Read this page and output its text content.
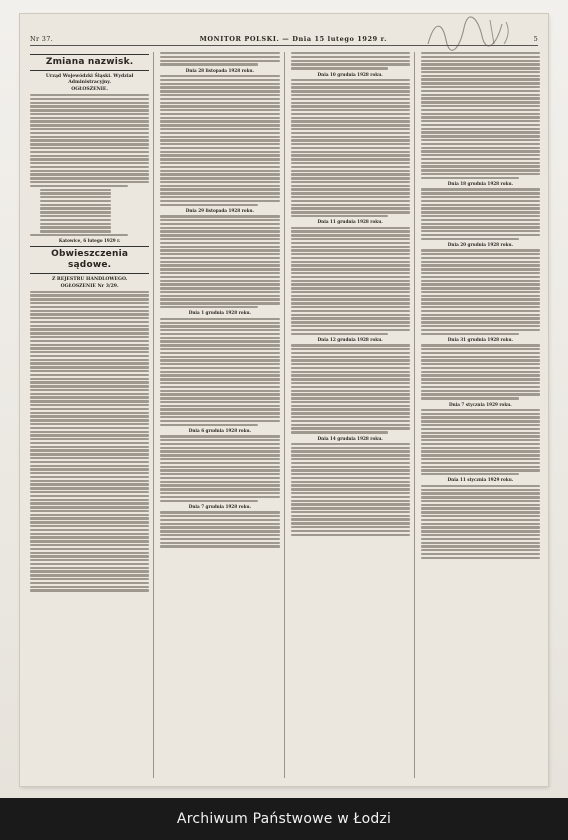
Nr 37.	MONITOR POLSKI. — Dnia 15 lutego 1929 r.	5
Zmiana nazwisk.
Urząd Wojewódzki Śląski. Wydział Administracyjny.
OGŁOSZENIE.
Katowice, 6 lutego 1929 r.
Obwieszczenia sądowe.
Z REJESTRU HANDLOWEGO.
OGŁOSZENIE Nr 3/29.
Dnia 28 listopada 1928 roku.
Dnia 29 listopada 1928 roku.
Dnia 1 grudnia 1928 roku.
Dnia 6 grudnia 1928 roku.
Dnia 7 grudnia 1928 roku.
Dnia 10 grudnia 1928 roku.
Dnia 11 grudnia 1928 roku.
Dnia 12 grudnia 1928 roku.
Dnia 14 grudnia 1928 roku.
Dnia 18 grudnia 1928 roku.
Dnia 20 grudnia 1928 roku.
Dnia 31 grudnia 1928 roku.
Dnia 7 stycznia 1929 roku.
Dnia 11 stycznia 1929 roku.
Archiwum Państwowe w Łodzi
